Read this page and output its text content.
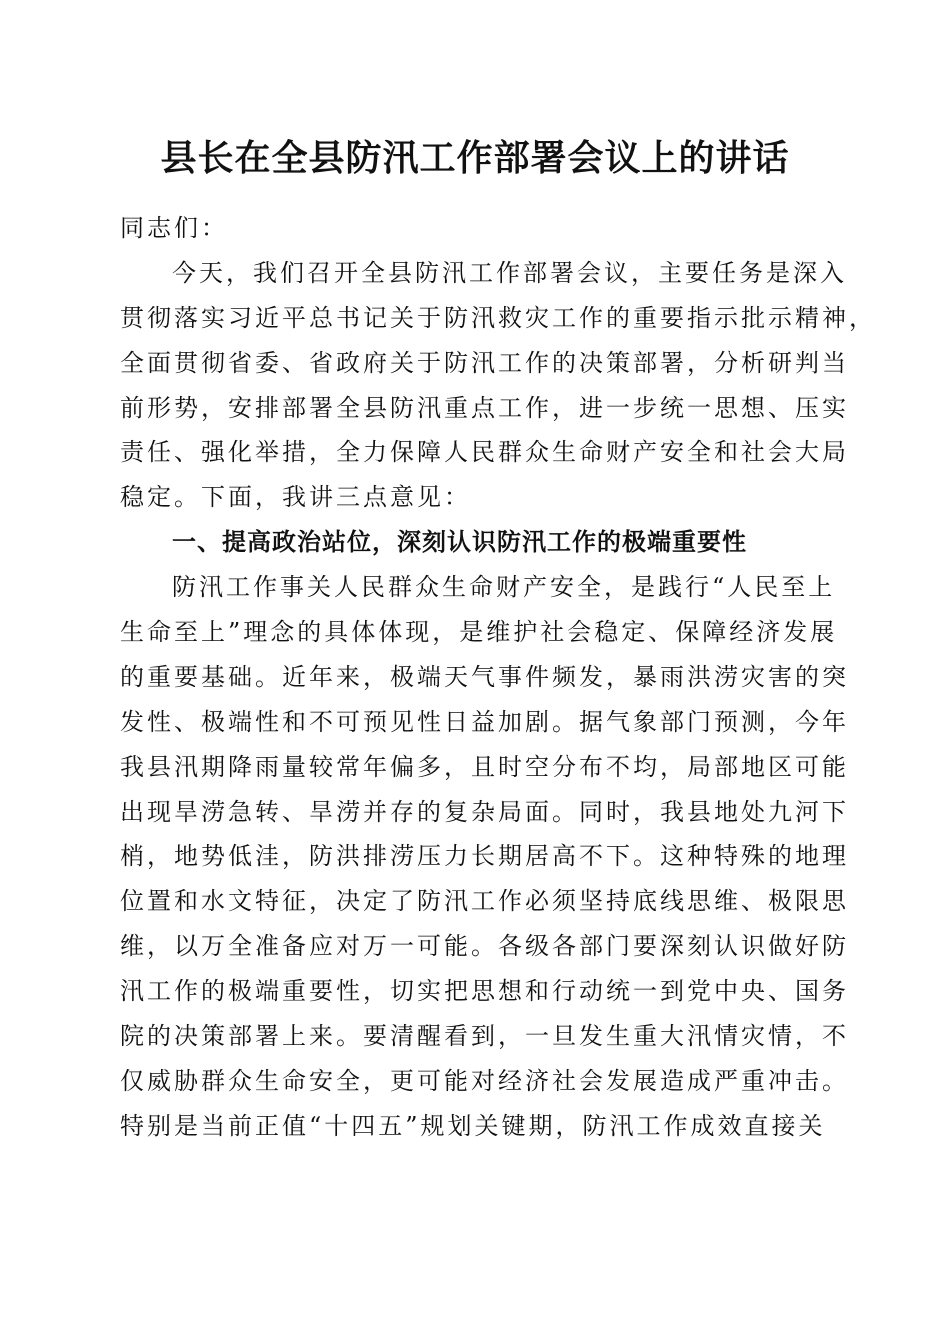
县长在全县防汛工作部署会议上的讲话
同志们：
今天，我们召开全县防汛工作部署会议，主要任务是深入
贯彻落实习近平总书记关于防汛救灾工作的重要指示批示精神，
全面贯彻省委、省政府关于防汛工作的决策部署，分析研判当
前形势，安排部署全县防汛重点工作，进一步统一思想、压实
责任、强化举措，全力保障人民群众生命财产安全和社会大局
稳定。下面，我讲三点意见：
一、提高政治站位，深刻认识防汛工作的极端重要性
防汛工作事关人民群众生命财产安全，是践行“人民至上
生命至上”理念的具体体现，是维护社会稳定、保障经济发展
的重要基础。近年来，极端天气事件频发，暴雨洪涝灾害的突
发性、极端性和不可预见性日益加剧。据气象部门预测，今年
我县汛期降雨量较常年偏多，且时空分布不均，局部地区可能
出现旱涝急转、旱涝并存的复杂局面。同时，我县地处九河下
梢，地势低洼，防洪排涝压力长期居高不下。这种特殊的地理
位置和水文特征，决定了防汛工作必须坚持底线思维、极限思
维，以万全准备应对万一可能。各级各部门要深刻认识做好防
汛工作的极端重要性，切实把思想和行动统一到党中央、国务
院的决策部署上来。要清醒看到，一旦发生重大汛情灾情，不
仅威胁群众生命安全，更可能对经济社会发展造成严重冲击。
特别是当前正值“十四五”规划关键期，防汛工作成效直接关
